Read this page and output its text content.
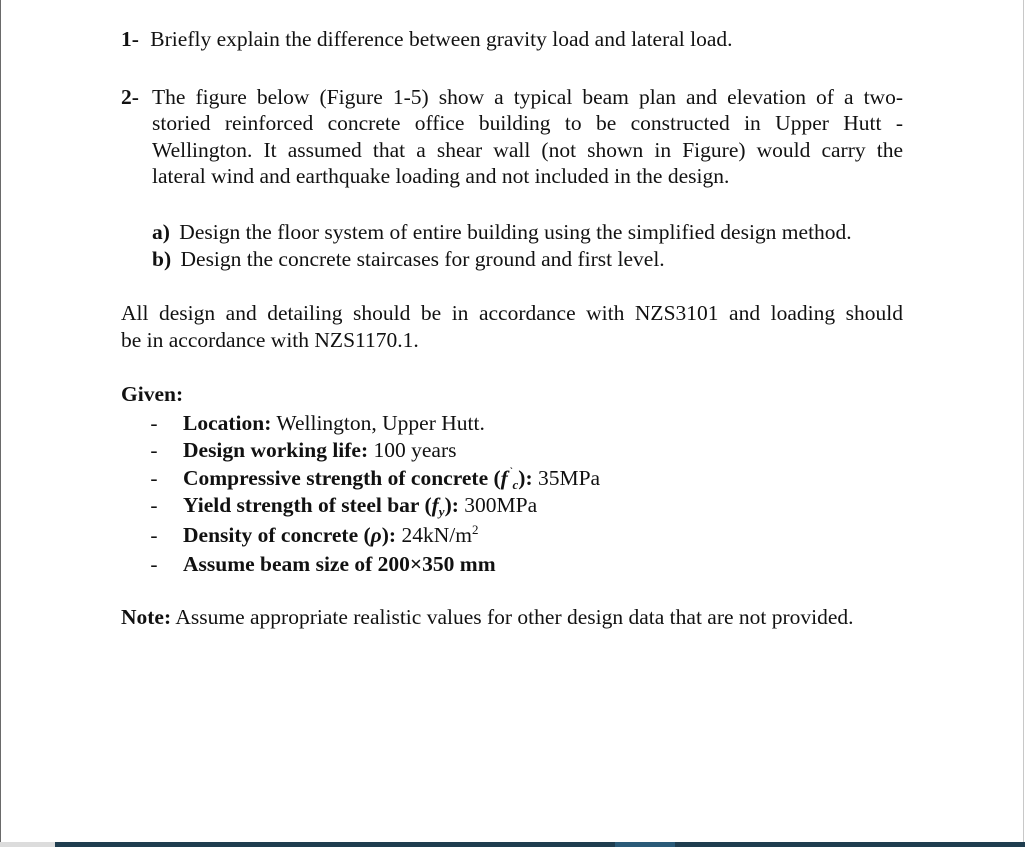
1- Briefly explain the difference between gravity load and lateral load.
2- The figure below (Figure 1-5) show a typical beam plan and elevation of a two-
storied reinforced concrete office building to be constructed in Upper Hutt -
Wellington. It assumed that a shear wall (not shown in Figure) would carry the
lateral wind and earthquake loading and not included in the design.
a) Design the floor system of entire building using the simplified design method.
b) Design the concrete staircases for ground and first level.
All design and detailing should be in accordance with NZS3101 and loading should
be in accordance with NZS1170.1.
Given:
-
-
-
-
-
-
Location: Wellington, Upper Hutt.
Design working life: 100 years
Compressive strength of concrete $(f^`_c)$: 35MPa
Yield strength of steel bar $(f_y)$: 300MPa
Density of concrete (ρ): $24kN/m^2$
Assume beam size of 200×350 mm
Note: Assume appropriate realistic values for other design data that are not provided.
